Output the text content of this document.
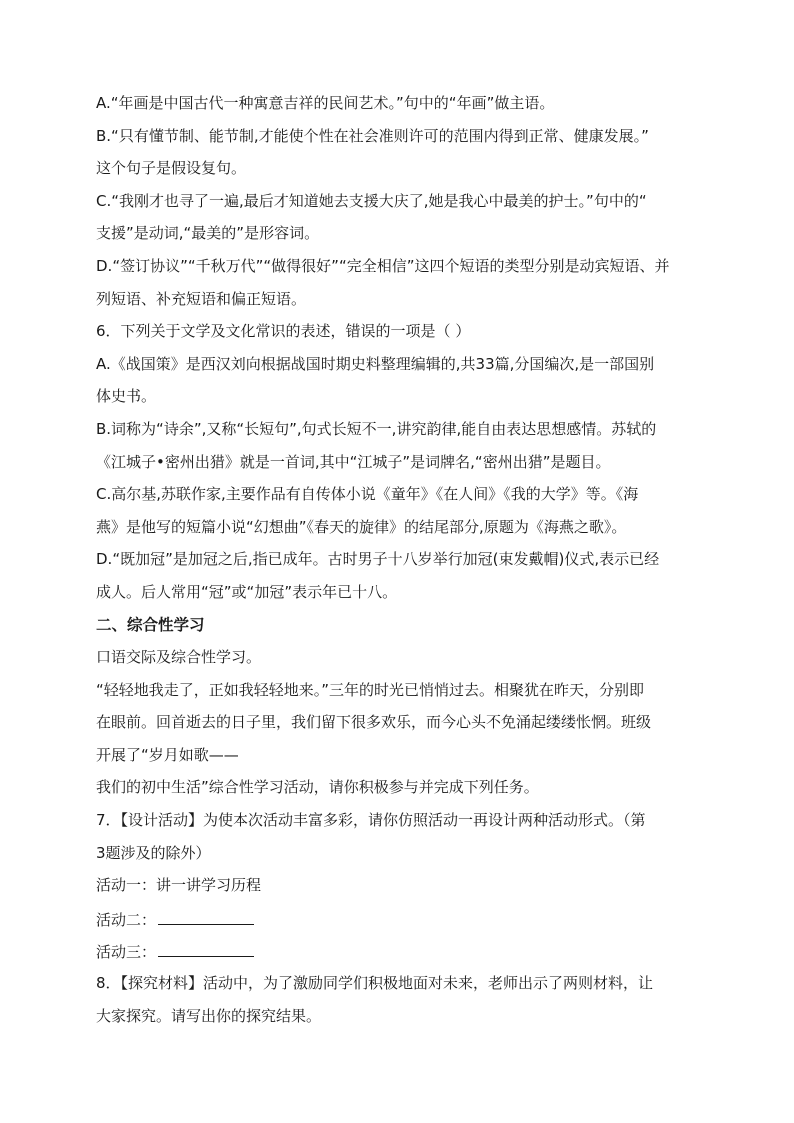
A.“年画是中国古代一种寓意吉祥的民间艺术。”句中的“年画”做主语。
B.“只有懂节制、能节制,才能使个性在社会准则许可的范围内得到正常、健康发展。”
这个句子是假设复句。
C.“我刚才也寻了一遍,最后才知道她去支援大庆了,她是我心中最美的护士。”句中的“
支援”是动词,“最美的”是形容词。
D.“签订协议”“千秋万代”“做得很好”“完全相信”这四个短语的类型分别是动宾短语、并
列短语、补充短语和偏正短语。
6．下列关于文学及文化常识的表述，错误的一项是（ ）
A.《战国策》是西汉刘向根据战国时期史料整理编辑的,共33篇,分国编次,是一部国别
体史书。
B.词称为“诗余”,又称“长短句”,句式长短不一,讲究韵律,能自由表达思想感情。苏轼的
《江城子•密州出猎》就是一首词,其中“江城子”是词牌名,“密州出猎”是题目。
C.高尔基,苏联作家,主要作品有自传体小说《童年》《在人间》《我的大学》等。《海
燕》是他写的短篇小说“幻想曲”《春天的旋律》的结尾部分,原题为《海燕之歌》。
D.“既加冠”是加冠之后,指已成年。古时男子十八岁举行加冠(束发戴帽)仪式,表示已经
成人。后人常用“冠”或“加冠”表示年已十八。
二、综合性学习
口语交际及综合性学习。
“轻轻地我走了，正如我轻轻地来。”三年的时光已悄悄过去。相聚犹在昨天，分别即
在眼前。回首逝去的日子里，我们留下很多欢乐，而今心头不免涌起缕缕怅惘。班级
开展了“岁月如歌——
我们的初中生活”综合性学习活动，请你积极参与并完成下列任务。
7．【设计活动】为使本次活动丰富多彩，请你仿照活动一再设计两种活动形式。（第
3题涉及的除外）
活动一：讲一讲学习历程
活动二：
活动三：
8．【探究材料】活动中，为了激励同学们积极地面对未来，老师出示了两则材料，让
大家探究。请写出你的探究结果。
